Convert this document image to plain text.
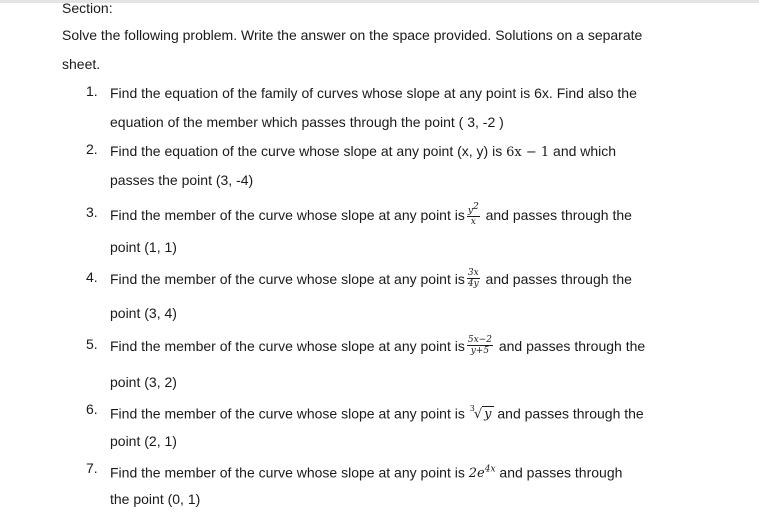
Section:
Solve the following problem. Write the answer on the space provided. Solutions on a separate
sheet.
1. Find the equation of the family of curves whose slope at any point is 6x. Find also the
equation of the member which passes through the point ( 3, -2 )
2. Find the equation of the curve whose slope at any point (x, y) is 6x − 1 and which
passes the point (3, -4)
3. Find the member of the curve whose slope at any point is $\frac{y^2}{x}$ and passes through the
point (1, 1)
4. Find the member of the curve whose slope at any point is $\frac{3x}{4y}$ and passes through the
point (3, 4)
5. Find the member of the curve whose slope at any point is $\frac{5x-2}{y+5}$ and passes through the
point (3, 2)
6. Find the member of the curve whose slope at any point is $^3$√ y and passes through the
point (2, 1)
7. Find the member of the curve whose slope at any point is $2e^{4x}$ and passes through
the point (0, 1)
